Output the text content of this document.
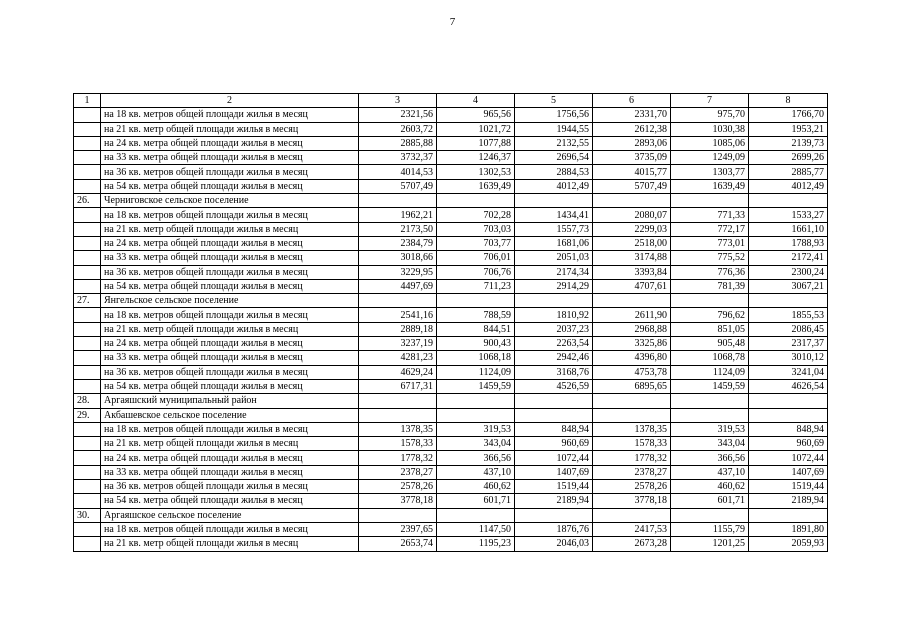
7
1	2	3	4	5	6	7	8
	на 18 кв. метров общей площади жилья в месяц	2321,56	965,56	1756,56	2331,70	975,70	1766,70
	на 21 кв. метр общей площади жилья в месяц	2603,72	1021,72	1944,55	2612,38	1030,38	1953,21
	на 24 кв. метра общей площади жилья в месяц	2885,88	1077,88	2132,55	2893,06	1085,06	2139,73
	на 33 кв. метра общей площади жилья в месяц	3732,37	1246,37	2696,54	3735,09	1249,09	2699,26
	на 36 кв. метров общей площади жилья в месяц	4014,53	1302,53	2884,53	4015,77	1303,77	2885,77
	на 54 кв. метра общей площади жилья в месяц	5707,49	1639,49	4012,49	5707,49	1639,49	4012,49
26.	Черниговское сельское поселение						
	на 18 кв. метров общей площади жилья в месяц	1962,21	702,28	1434,41	2080,07	771,33	1533,27
	на 21 кв. метр общей площади жилья в месяц	2173,50	703,03	1557,73	2299,03	772,17	1661,10
	на 24 кв. метра общей площади жилья в месяц	2384,79	703,77	1681,06	2518,00	773,01	1788,93
	на 33 кв. метра общей площади жилья в месяц	3018,66	706,01	2051,03	3174,88	775,52	2172,41
	на 36 кв. метров общей площади жилья в месяц	3229,95	706,76	2174,34	3393,84	776,36	2300,24
	на 54 кв. метра общей площади жилья в месяц	4497,69	711,23	2914,29	4707,61	781,39	3067,21
27.	Янгельское сельское поселение						
	на 18 кв. метров общей площади жилья в месяц	2541,16	788,59	1810,92	2611,90	796,62	1855,53
	на 21 кв. метр общей площади жилья в месяц	2889,18	844,51	2037,23	2968,88	851,05	2086,45
	на 24 кв. метра общей площади жилья в месяц	3237,19	900,43	2263,54	3325,86	905,48	2317,37
	на 33 кв. метра общей площади жилья в месяц	4281,23	1068,18	2942,46	4396,80	1068,78	3010,12
	на 36 кв. метров общей площади жилья в месяц	4629,24	1124,09	3168,76	4753,78	1124,09	3241,04
	на 54 кв. метра общей площади жилья в месяц	6717,31	1459,59	4526,59	6895,65	1459,59	4626,54
28.	Аргаяшский муниципальный район						
29.	Акбашевское сельское поселение						
	на 18 кв. метров общей площади жилья в месяц	1378,35	319,53	848,94	1378,35	319,53	848,94
	на 21 кв. метр общей площади жилья в месяц	1578,33	343,04	960,69	1578,33	343,04	960,69
	на 24 кв. метра общей площади жилья в месяц	1778,32	366,56	1072,44	1778,32	366,56	1072,44
	на 33 кв. метра общей площади жилья в месяц	2378,27	437,10	1407,69	2378,27	437,10	1407,69
	на 36 кв. метров общей площади жилья в месяц	2578,26	460,62	1519,44	2578,26	460,62	1519,44
	на 54 кв. метра общей площади жилья в месяц	3778,18	601,71	2189,94	3778,18	601,71	2189,94
30.	Аргаяшское сельское поселение						
	на 18 кв. метров общей площади жилья в месяц	2397,65	1147,50	1876,76	2417,53	1155,79	1891,80
	на 21 кв. метр общей площади жилья в месяц	2653,74	1195,23	2046,03	2673,28	1201,25	2059,93
